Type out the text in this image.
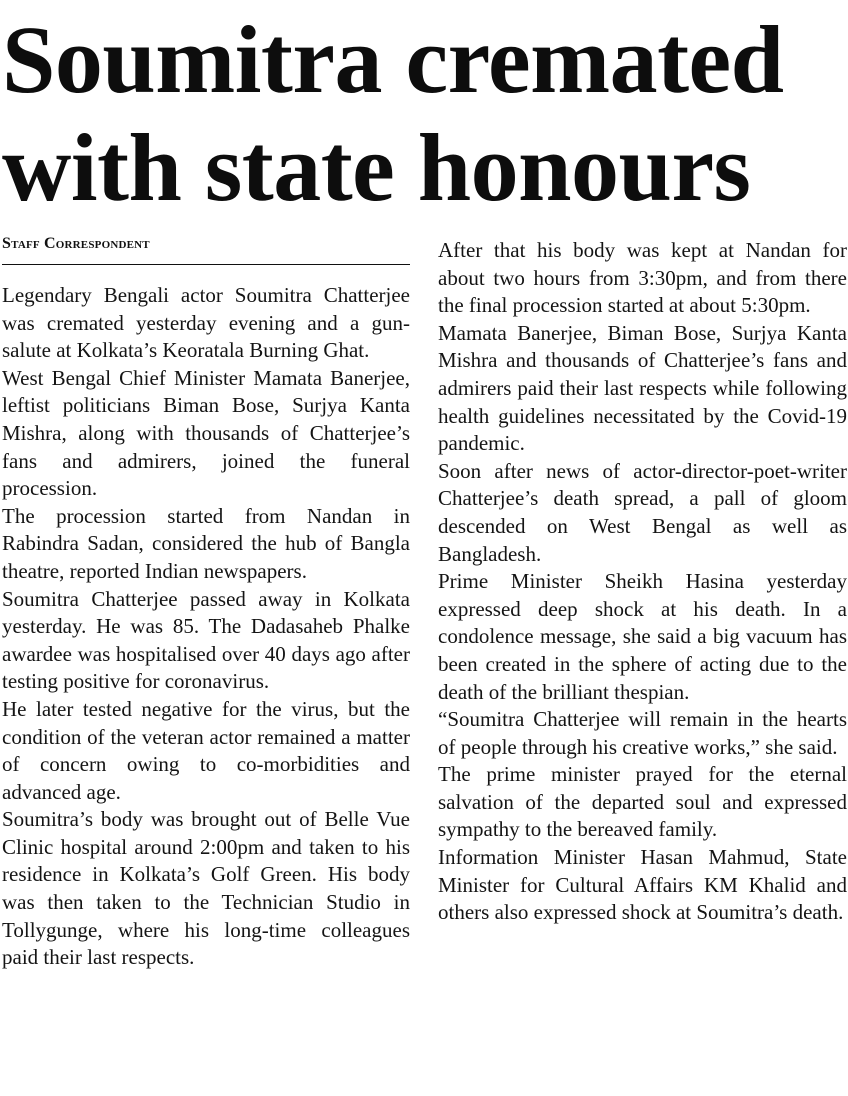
Soumitra cremated
with state honours
Staff Correspondent

Legendary Bengali actor Soumitra Chatterjee was cremated yesterday evening and a gun-salute at Kolkata’s Keoratala Burning Ghat.

West Bengal Chief Minister Mamata Banerjee, leftist politicians Biman Bose, Surjya Kanta Mishra, along with thousands of Chatterjee’s fans and admirers, joined the funeral procession.

The procession started from Nandan in Rabindra Sadan, considered the hub of Bangla theatre, reported Indian newspapers.

Soumitra Chatterjee passed away in Kolkata yesterday. He was 85. The Dadasaheb Phalke awardee was hospitalised over 40 days ago after testing positive for coronavirus.

He later tested negative for the virus, but the condition of the veteran actor remained a matter of concern owing to co-morbidities and advanced age.

Soumitra’s body was brought out of Belle Vue Clinic hospital around 2:00pm and taken to his residence in Kolkata’s Golf Green. His body was then taken to the Technician Studio in Tollygunge, where his long-time colleagues paid their last respects.

After that his body was kept at Nandan for about two hours from 3:30pm, and from there the final procession started at about 5:30pm.

Mamata Banerjee, Biman Bose, Surjya Kanta Mishra and thousands of Chatterjee’s fans and admirers paid their last respects while following health guidelines necessitated by the Covid-19 pandemic.

Soon after news of actor-director-poet-writer Chatterjee’s death spread, a pall of gloom descended on West Bengal as well as Bangladesh.

Prime Minister Sheikh Hasina yesterday expressed deep shock at his death. In a condolence message, she said a big vacuum has been created in the sphere of acting due to the death of the brilliant thespian.

“Soumitra Chatterjee will remain in the hearts of people through his creative works,” she said.

The prime minister prayed for the eternal salvation of the departed soul and expressed sympathy to the bereaved family.

Information Minister Hasan Mahmud, State Minister for Cultural Affairs KM Khalid and others also expressed shock at Soumitra’s death.
